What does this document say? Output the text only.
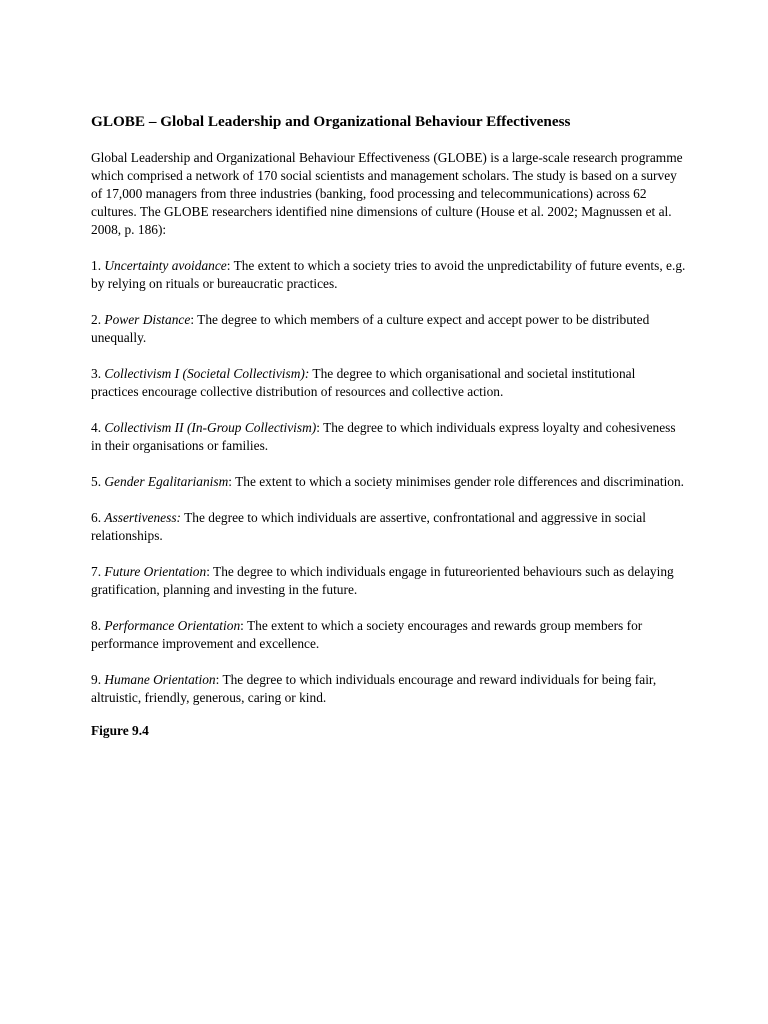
GLOBE – Global Leadership and Organizational Behaviour Effectiveness

Global Leadership and Organizational Behaviour Effectiveness (GLOBE) is a large-scale research programme which comprised a network of 170 social scientists and management scholars. The study is based on a survey of 17,000 managers from three industries (banking, food processing and telecommunications) across 62 cultures. The GLOBE researchers identified nine dimensions of culture (House et al. 2002; Magnussen et al. 2008, p. 186):

1. Uncertainty avoidance: The extent to which a society tries to avoid the unpredictability of future events, e.g. by relying on rituals or bureaucratic practices.

2. Power Distance: The degree to which members of a culture expect and accept power to be distributed unequally.

3. Collectivism I (Societal Collectivism): The degree to which organisational and societal institutional practices encourage collective distribution of resources and collective action.

4. Collectivism II (In-Group Collectivism): The degree to which individuals express loyalty and cohesiveness in their organisations or families.

5. Gender Egalitarianism: The extent to which a society minimises gender role differences and discrimination.

6. Assertiveness: The degree to which individuals are assertive, confrontational and aggressive in social relationships.

7. Future Orientation: The degree to which individuals engage in futureoriented behaviours such as delaying gratification, planning and investing in the future.

8. Performance Orientation: The extent to which a society encourages and rewards group members for performance improvement and excellence.

9. Humane Orientation: The degree to which individuals encourage and reward individuals for being fair, altruistic, friendly, generous, caring or kind.

Figure 9.4
